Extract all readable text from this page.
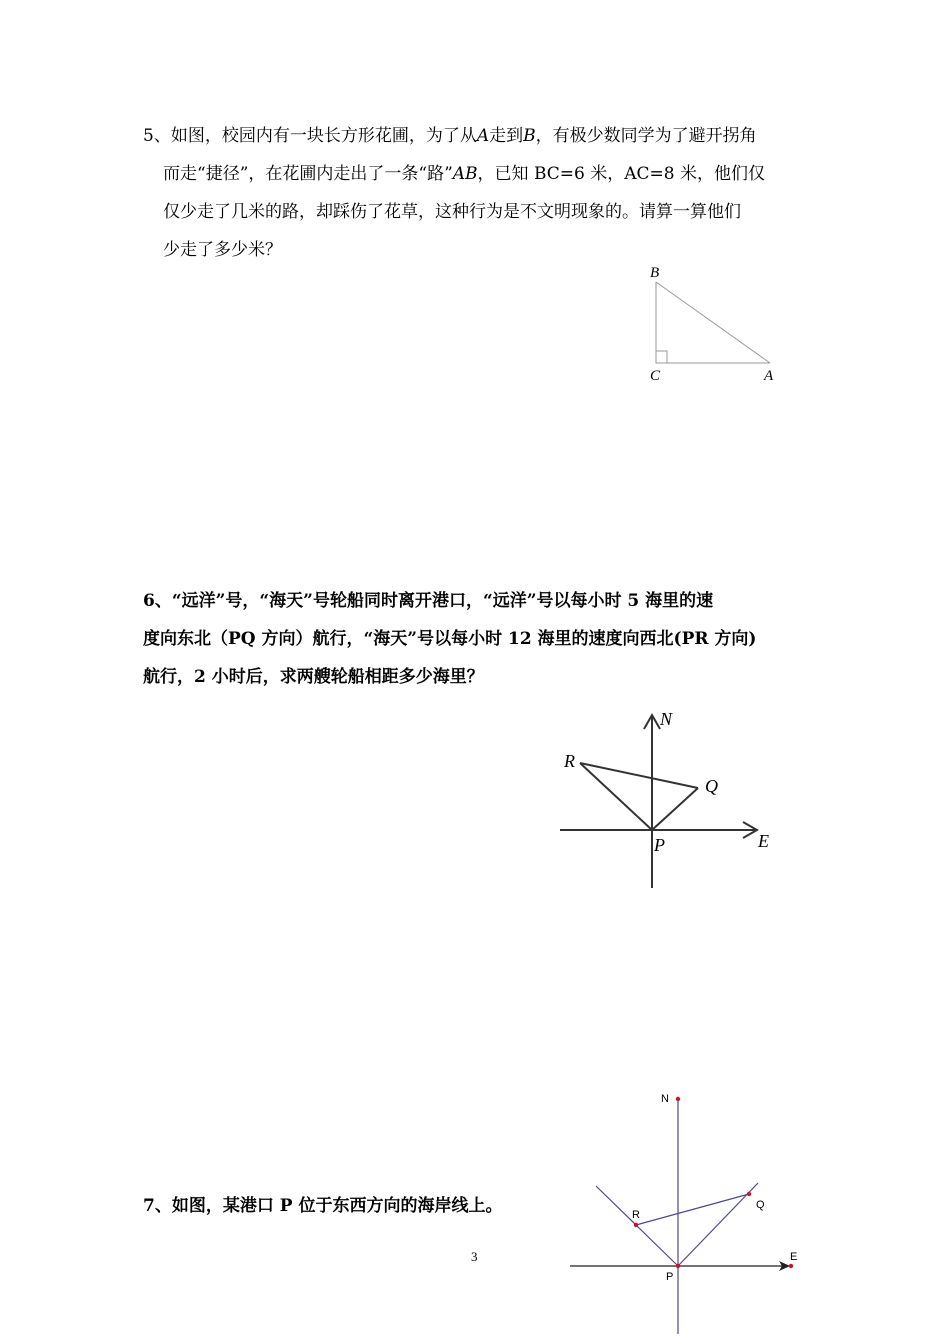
5、如图，校园内有一块长方形花圃，为了从A走到B，有极少数同学为了避开拐角
而走“捷径”，在花圃内走出了一条“路”AB，已知 BC=6 米，AC=8 米，他们仅
仅少走了几米的路，却踩伤了花草，这种行为是不文明现象的。请算一算他们
少走了多少米？
B
C	A
6、“远洋”号，“海天”号轮船同时离开港口，“远洋”号以每小时 5 海里的速
度向东北（PQ 方向）航行，“海天”号以每小时 12 海里的速度向西北(PR 方向)
航行，2 小时后，求两艘轮船相距多少海里？
N
R
Q
P	E
7、如图，某港口 P 位于东西方向的海岸线上。
N
R
Q
P
E
3
